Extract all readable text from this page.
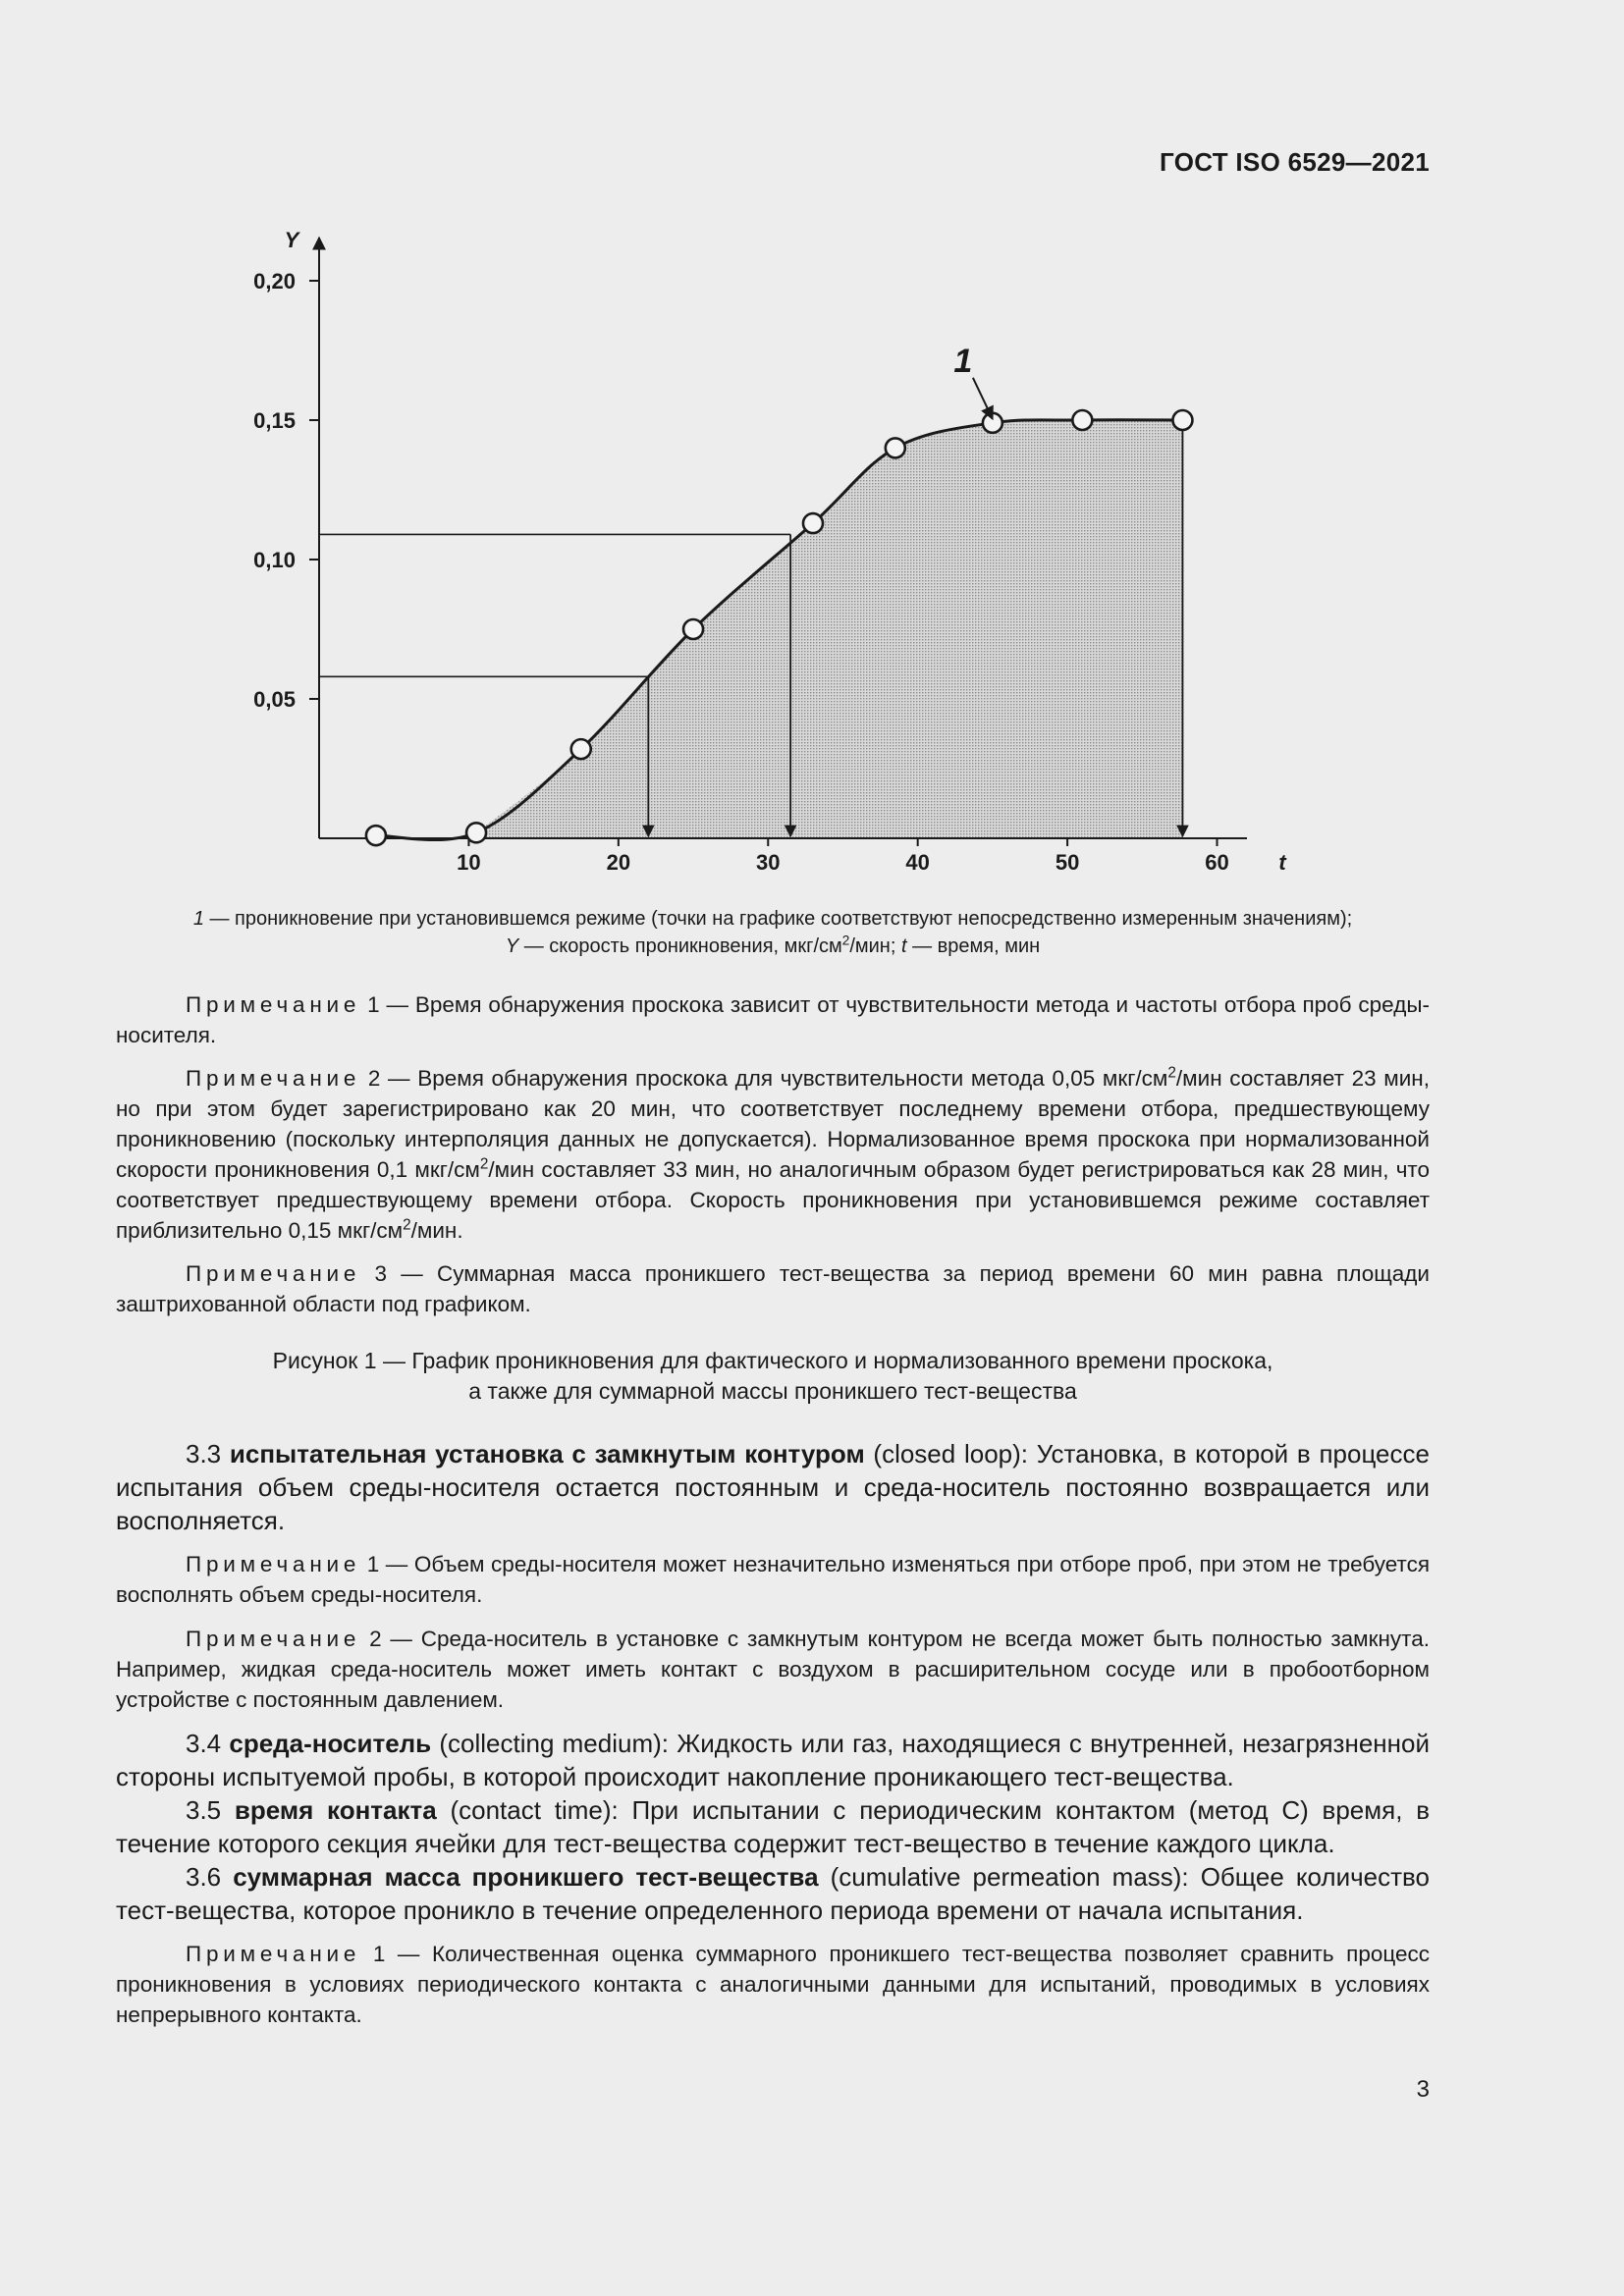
ГОСТ ISO 6529—2021
0,05
0,10
0,15
0,20
10	20	30	40	50	60
Y
t
1
1 — проникновение при установившемся режиме (точки на графике соответствуют непосредственно измеренным значениям);
Y — скорость проникновения, мкг/$см^2$/мин; t — время, мин

Примечание 1 — Время обнаружения проскока зависит от чувствительности метода и частоты отбора проб среды-носителя.

Примечание 2 — Время обнаружения проскока для чувствительности метода 0,05 мкг/$см^2$/мин составляет 23 мин, но при этом будет зарегистрировано как 20 мин, что соответствует последнему времени отбора, предшествующему проникновению (поскольку интерполяция данных не допускается). Нормализованное время проскока при нормализованной скорости проникновения 0,1 мкг/$см^2$/мин составляет 33 мин, но аналогичным образом будет регистрироваться как 28 мин, что соответствует предшествующему времени отбора. Скорость проникновения при установившемся режиме составляет приблизительно 0,15 мкг/$см^2$/мин.

Примечание 3 — Суммарная масса проникшего тест-вещества за период времени 60 мин равна площади заштрихованной области под графиком.

Рисунок 1 — График проникновения для фактического и нормализованного времени проскока,
а также для суммарной массы проникшего тест-вещества

3.3 испытательная установка с замкнутым контуром (closed loop): Установка, в которой в процессе испытания объем среды-носителя остается постоянным и среда-носитель постоянно возвращается или восполняется.

Примечание 1 — Объем среды-носителя может незначительно изменяться при отборе проб, при этом не требуется восполнять объем среды-носителя.

Примечание 2 — Среда-носитель в установке с замкнутым контуром не всегда может быть полностью замкнута. Например, жидкая среда-носитель может иметь контакт с воздухом в расширительном сосуде или в пробоотборном устройстве с постоянным давлением.

3.4 среда-носитель (collecting medium): Жидкость или газ, находящиеся с внутренней, незагрязненной стороны испытуемой пробы, в которой происходит накопление проникающего тест-вещества.

3.5 время контакта (contact time): При испытании с периодическим контактом (метод С) время, в течение которого секция ячейки для тест-вещества содержит тест-вещество в течение каждого цикла.

3.6 суммарная масса проникшего тест-вещества (cumulative permeation mass): Общее количество тест-вещества, которое проникло в течение определенного периода времени от начала испытания.

Примечание 1 — Количественная оценка суммарного проникшего тест-вещества позволяет сравнить процесс проникновения в условиях периодического контакта с аналогичными данными для испытаний, проводимых в условиях непрерывного контакта.

3
